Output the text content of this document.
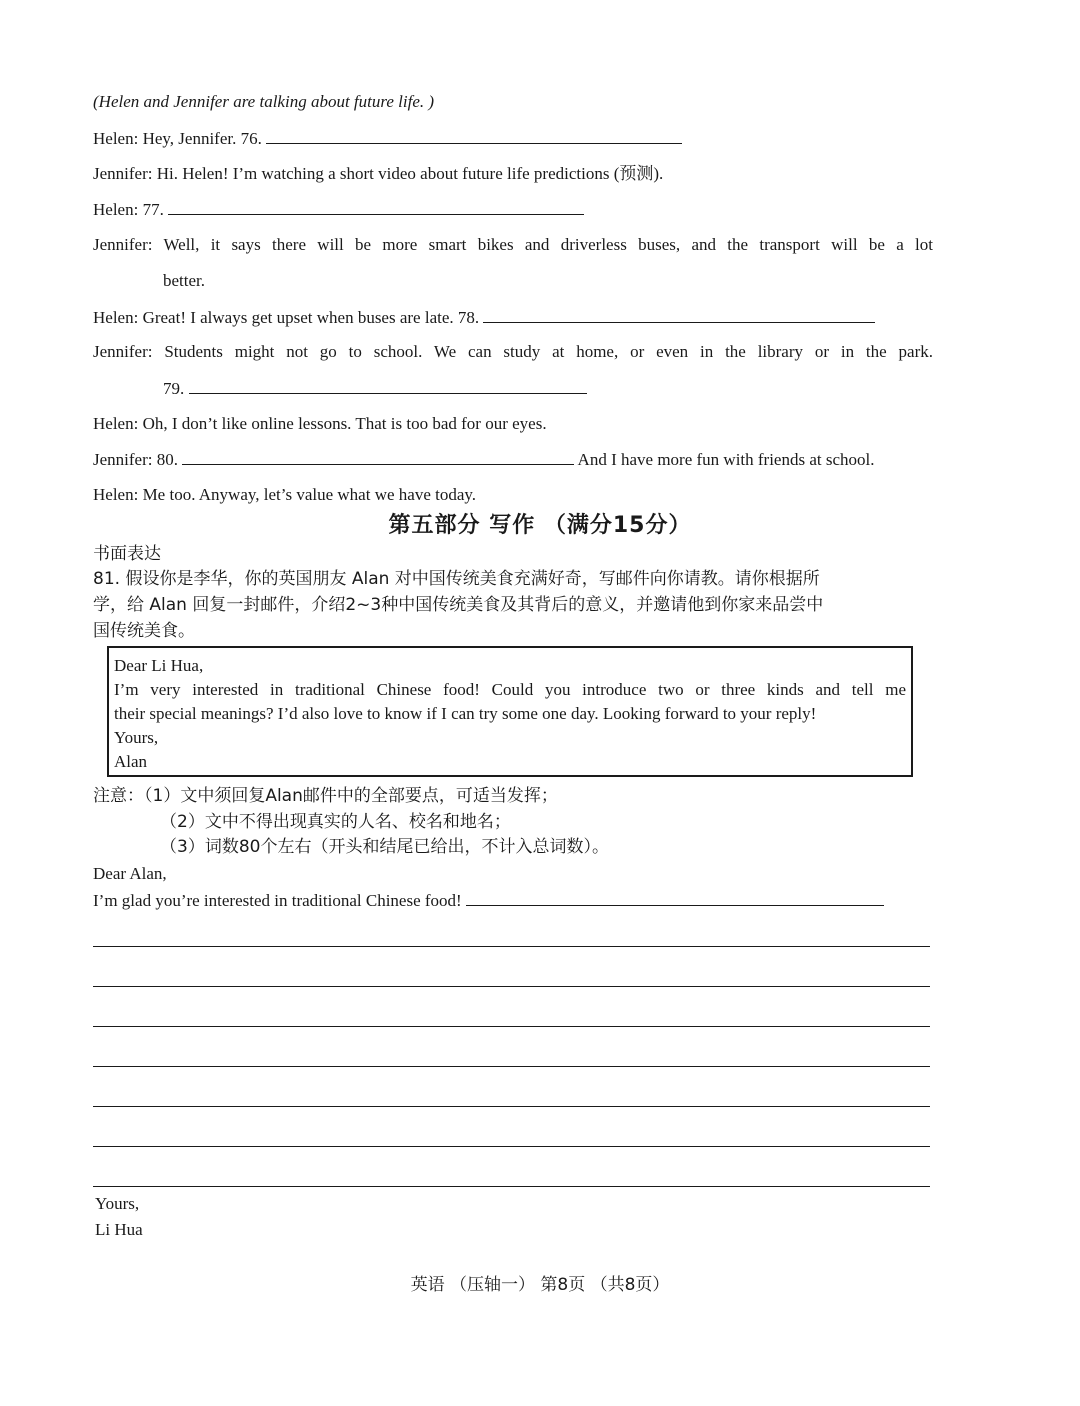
(Helen and Jennifer are talking about future life. )
Helen: Hey, Jennifer. 76.
Jennifer: Hi. Helen! I’m watching a short video about future life predictions (预测).
Helen: 77.
Jennifer: Well, it says there will be more smart bikes and driverless buses, and the transport will be a lot
better.
Helen: Great! I always get upset when buses are late. 78.
Jennifer: Students might not go to school. We can study at home, or even in the library or in the park.
79.
Helen: Oh, I don’t like online lessons. That is too bad for our eyes.
Jennifer: 80.	And I have more fun with friends at school.
Helen: Me too. Anyway, let’s value what we have today.
第五部分 写作 （满分15分）
书面表达
81. 假设你是李华，你的英国朋友 Alan 对中国传统美食充满好奇，写邮件向你请教。请你根据所
学，给 Alan 回复一封邮件，介绍2~3种中国传统美食及其背后的意义，并邀请他到你家来品尝中
国传统美食。
Dear Li Hua,
I’m very interested in traditional Chinese food! Could you introduce two or three kinds and tell me
their special meanings? I’d also love to know if I can try some one day. Looking forward to your reply!
Yours,
Alan
注意：（1）文中须回复Alan邮件中的全部要点，可适当发挥；
（2）文中不得出现真实的人名、校名和地名；
（3）词数80个左右（开头和结尾已给出，不计入总词数）。
Dear Alan,
I’m glad you’re interested in traditional Chinese food!
Yours,
Li Hua
英语 （压轴一） 第8页 （共8页）
